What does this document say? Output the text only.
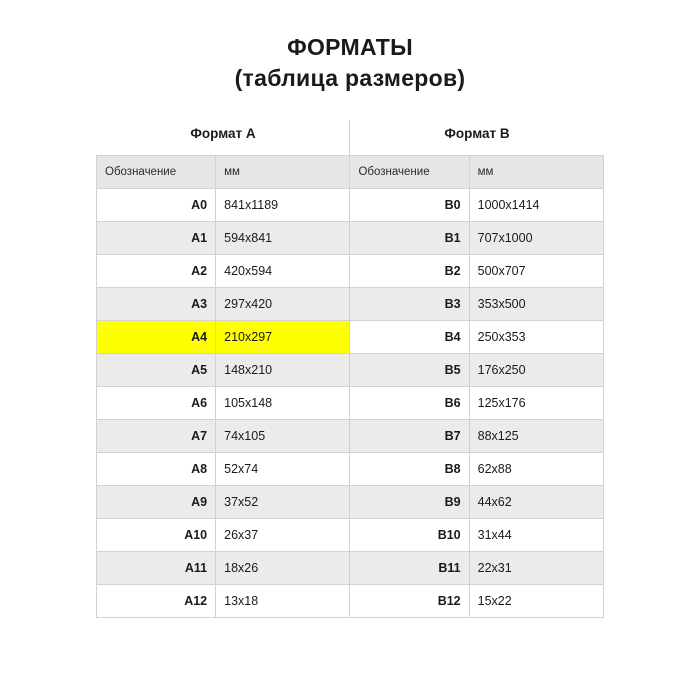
ФОРМАТЫ
(таблица размеров)
Формат А		Формат В	
Обозначение	мм	Обозначение	мм
A0	841x1189	B0	1000x1414
A1	594x841	B1	707x1000
A2	420x594	B2	500x707
A3	297x420	B3	353x500
A4	210x297	B4	250x353
A5	148x210	B5	176x250
A6	105x148	B6	125x176
A7	74x105	B7	88x125
A8	52x74	B8	62x88
A9	37x52	B9	44x62
A10	26x37	B10	31x44
A11	18x26	B11	22x31
A12	13x18	B12	15x22
